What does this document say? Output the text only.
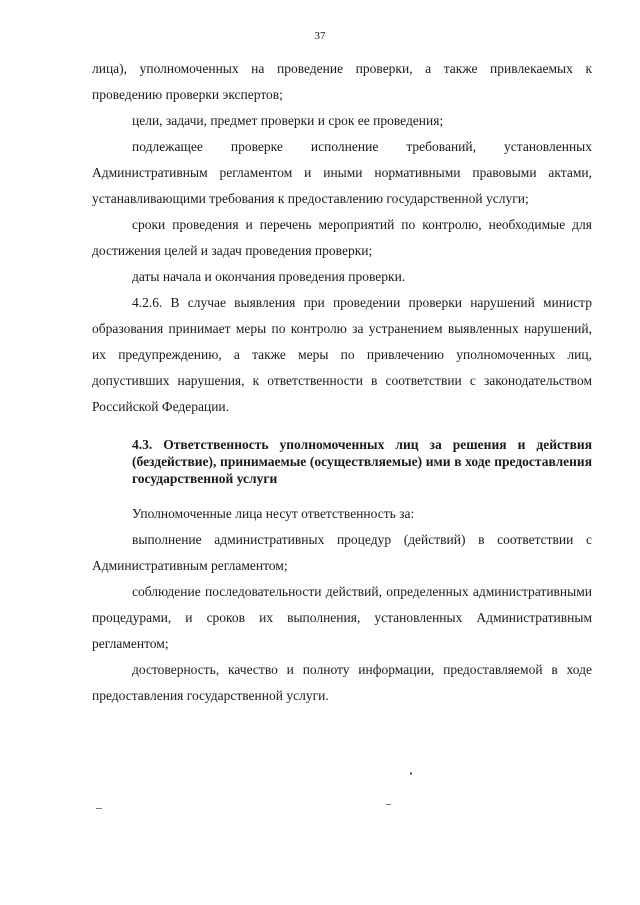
37

лица), уполномоченных на проведение проверки, а также привлекаемых к проведению проверки экспертов;

цели, задачи, предмет проверки и срок ее проведения;

подлежащее проверке исполнение требований, установленных Административным регламентом и иными нормативными правовыми актами, устанавливающими требования к предоставлению государственной услуги;

сроки проведения и перечень мероприятий по контролю, необходимые для достижения целей и задач проведения проверки;

даты начала и окончания проведения проверки.

4.2.6. В случае выявления при проведении проверки нарушений министр образования принимает меры по контролю за устранением выявленных нарушений, их предупреждению, а также меры по привлечению уполномоченных лиц, допустивших нарушения, к ответственности в соответствии с законодательством Российской Федерации.

4.3. Ответственность уполномоченных лиц за решения и действия (бездействие), принимаемые (осуществляемые) ими в ходе предоставления государственной услуги

Уполномоченные лица несут ответственность за:

выполнение административных процедур (действий) в соответствии с Административным регламентом;

соблюдение последовательности действий, определенных административными процедурами, и сроков их выполнения, установленных Административным регламентом;

достоверность, качество и полноту информации, предоставляемой в ходе предоставления государственной услуги.
